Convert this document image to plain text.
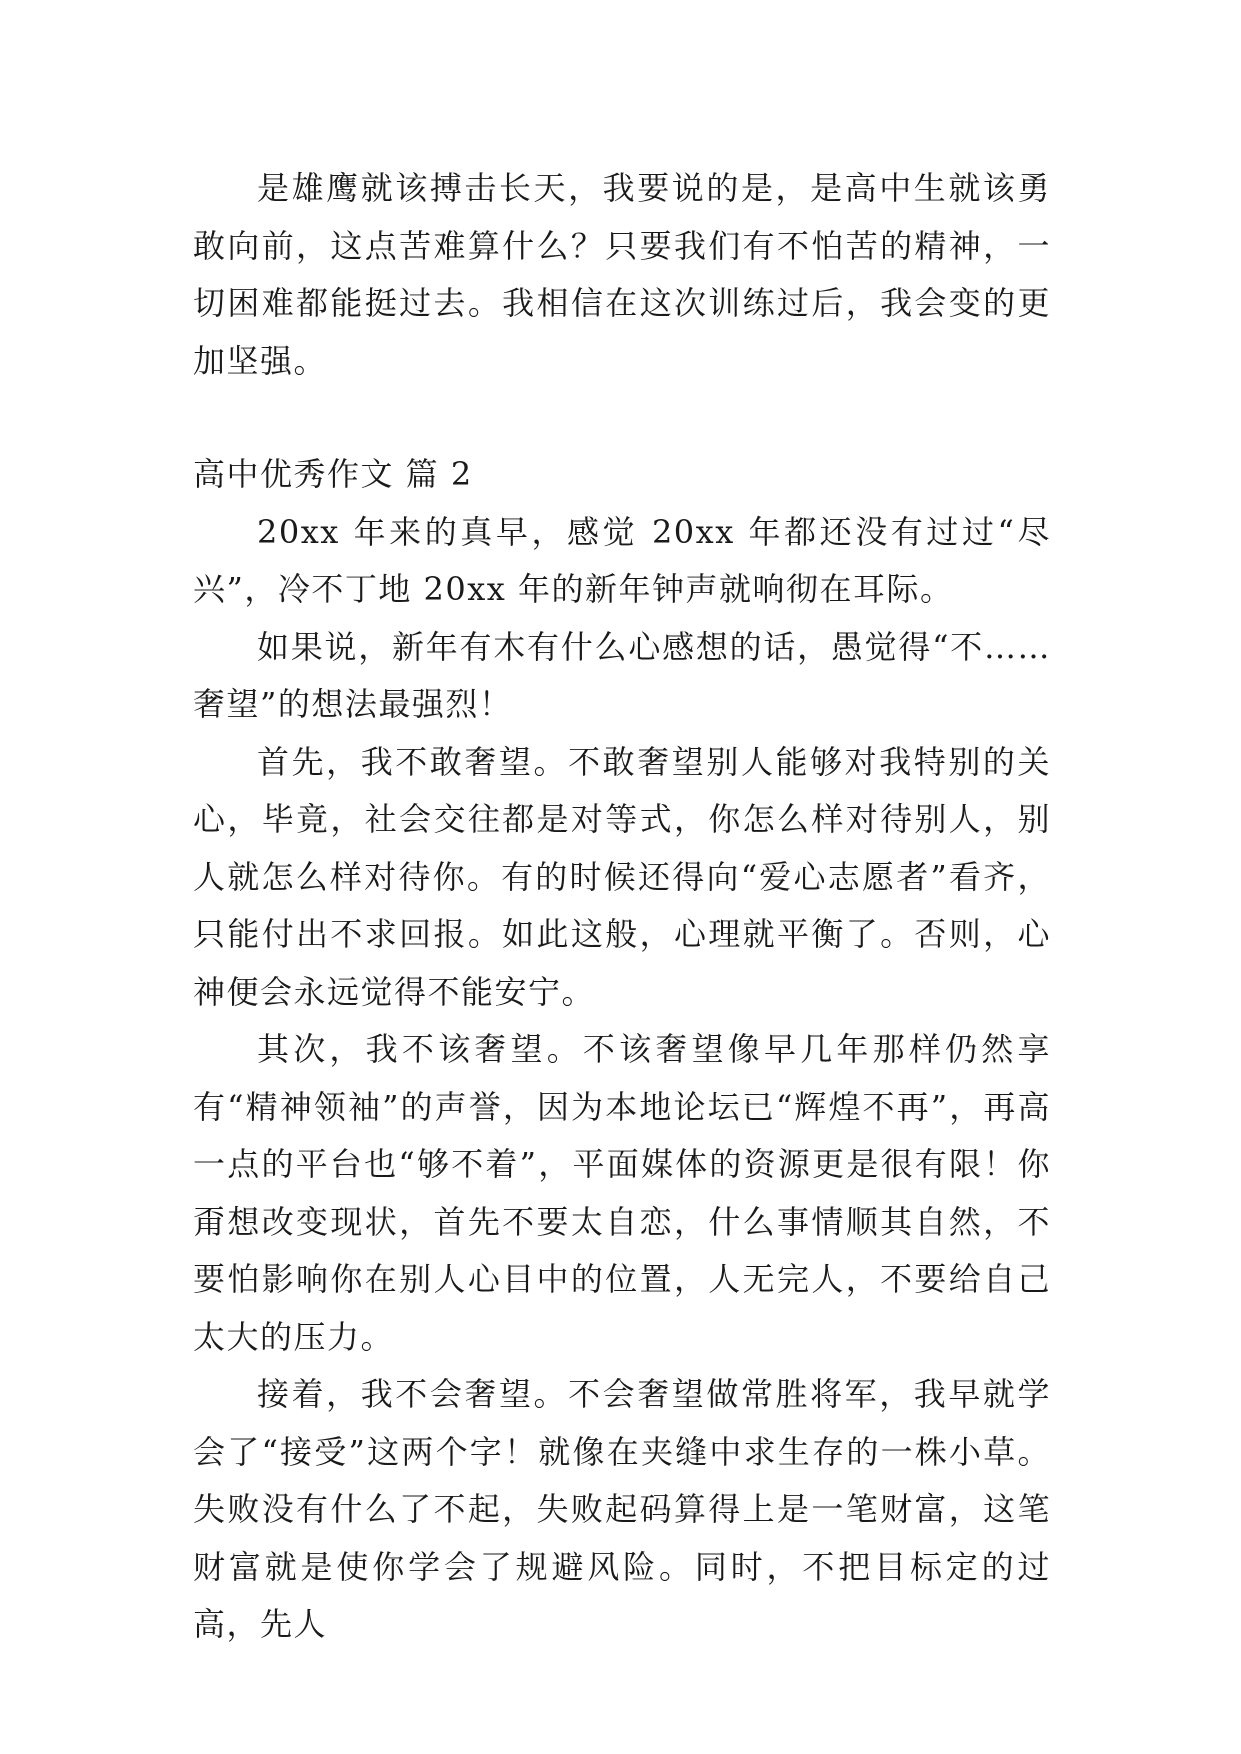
是雄鹰就该搏击长天，我要说的是，是高中生就该勇敢向前，这点苦难算什么？只要我们有不怕苦的精神，一切困难都能挺过去。我相信在这次训练过后，我会变的更加坚强。

高中优秀作文 篇 2

20xx 年来的真早，感觉 20xx 年都还没有过过“尽兴”，冷不丁地 20xx 年的新年钟声就响彻在耳际。

如果说，新年有木有什么心感想的话，愚觉得“不……奢望”的想法最强烈！

首先，我不敢奢望。不敢奢望别人能够对我特别的关心，毕竟，社会交往都是对等式，你怎么样对待别人，别人就怎么样对待你。有的时候还得向“爱心志愿者”看齐，只能付出不求回报。如此这般，心理就平衡了。否则，心神便会永远觉得不能安宁。

其次，我不该奢望。不该奢望像早几年那样仍然享有“精神领袖”的声誉，因为本地论坛已“辉煌不再”，再高一点的平台也“够不着”，平面媒体的资源更是很有限！你甭想改变现状，首先不要太自恋，什么事情顺其自然，不要怕影响你在别人心目中的位置，人无完人，不要给自己太大的压力。

接着，我不会奢望。不会奢望做常胜将军，我早就学会了“接受”这两个字！就像在夹缝中求生存的一株小草。失败没有什么了不起，失败起码算得上是一笔财富，这笔财富就是使你学会了规避风险。同时，不把目标定的过高，先人
